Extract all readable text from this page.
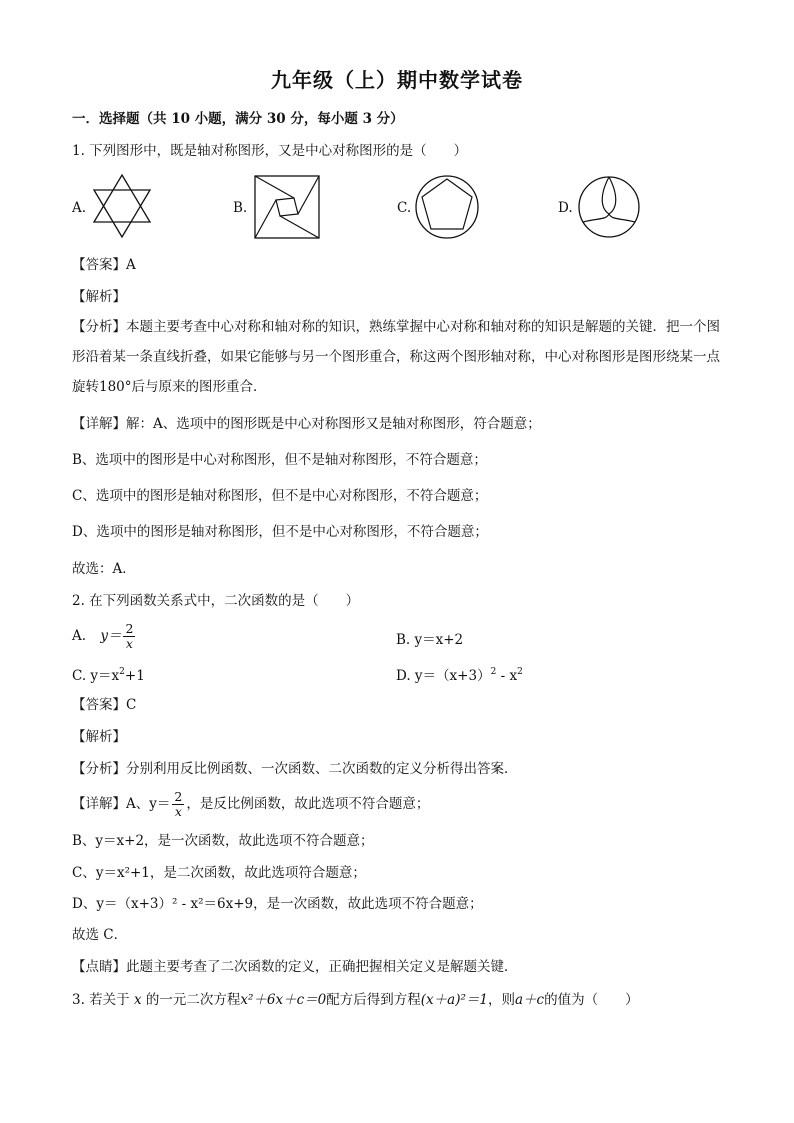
九年级（上）期中数学试卷
一．选择题（共 10 小题，满分 30 分，每小题 3 分）
1. 下列图形中，既是轴对称图形，又是中心对称图形的是（　　）
A.	B.	C.	D.
【答案】A
【解析】
【分析】本题主要考查中心对称和轴对称的知识，熟练掌握中心对称和轴对称的知识是解题的关键．把一个图形沿着某一条直线折叠，如果它能够与另一个图形重合，称这两个图形轴对称，中心对称图形是图形绕某一点旋转180°后与原来的图形重合．
【详解】解：A、选项中的图形既是中心对称图形又是轴对称图形，符合题意；
B、选项中的图形是中心对称图形，但不是轴对称图形，不符合题意；
C、选项中的图形是轴对称图形，但不是中心对称图形，不符合题意；
D、选项中的图形是轴对称图形，但不是中心对称图形，不符合题意；
故选：A．
2. 在下列函数关系式中，二次函数的是（　　）
A. $y= \frac{2}{x}$	B. y＝x+2
C. $y=x^2+1$	D. $y=(x+3)^2 - x^2$
【答案】C
【解析】
【分析】分别利用反比例函数、一次函数、二次函数的定义分析得出答案．
【详解】A、$y= \frac{2}{x}$ ，是反比例函数，故此选项不符合题意；
B、y＝x+2，是一次函数，故此选项不符合题意；
C、y＝x²+1，是二次函数，故此选项符合题意；
D、y＝（x+3）² - x²＝6x+9，是一次函数，故此选项不符合题意；
故选 C．
【点睛】此题主要考查了二次函数的定义，正确把握相关定义是解题关键．
3. 若关于 x 的一元二次方程x²＋6x＋c＝0配方后得到方程(x＋a)²＝1，则a＋c的值为（　　）
